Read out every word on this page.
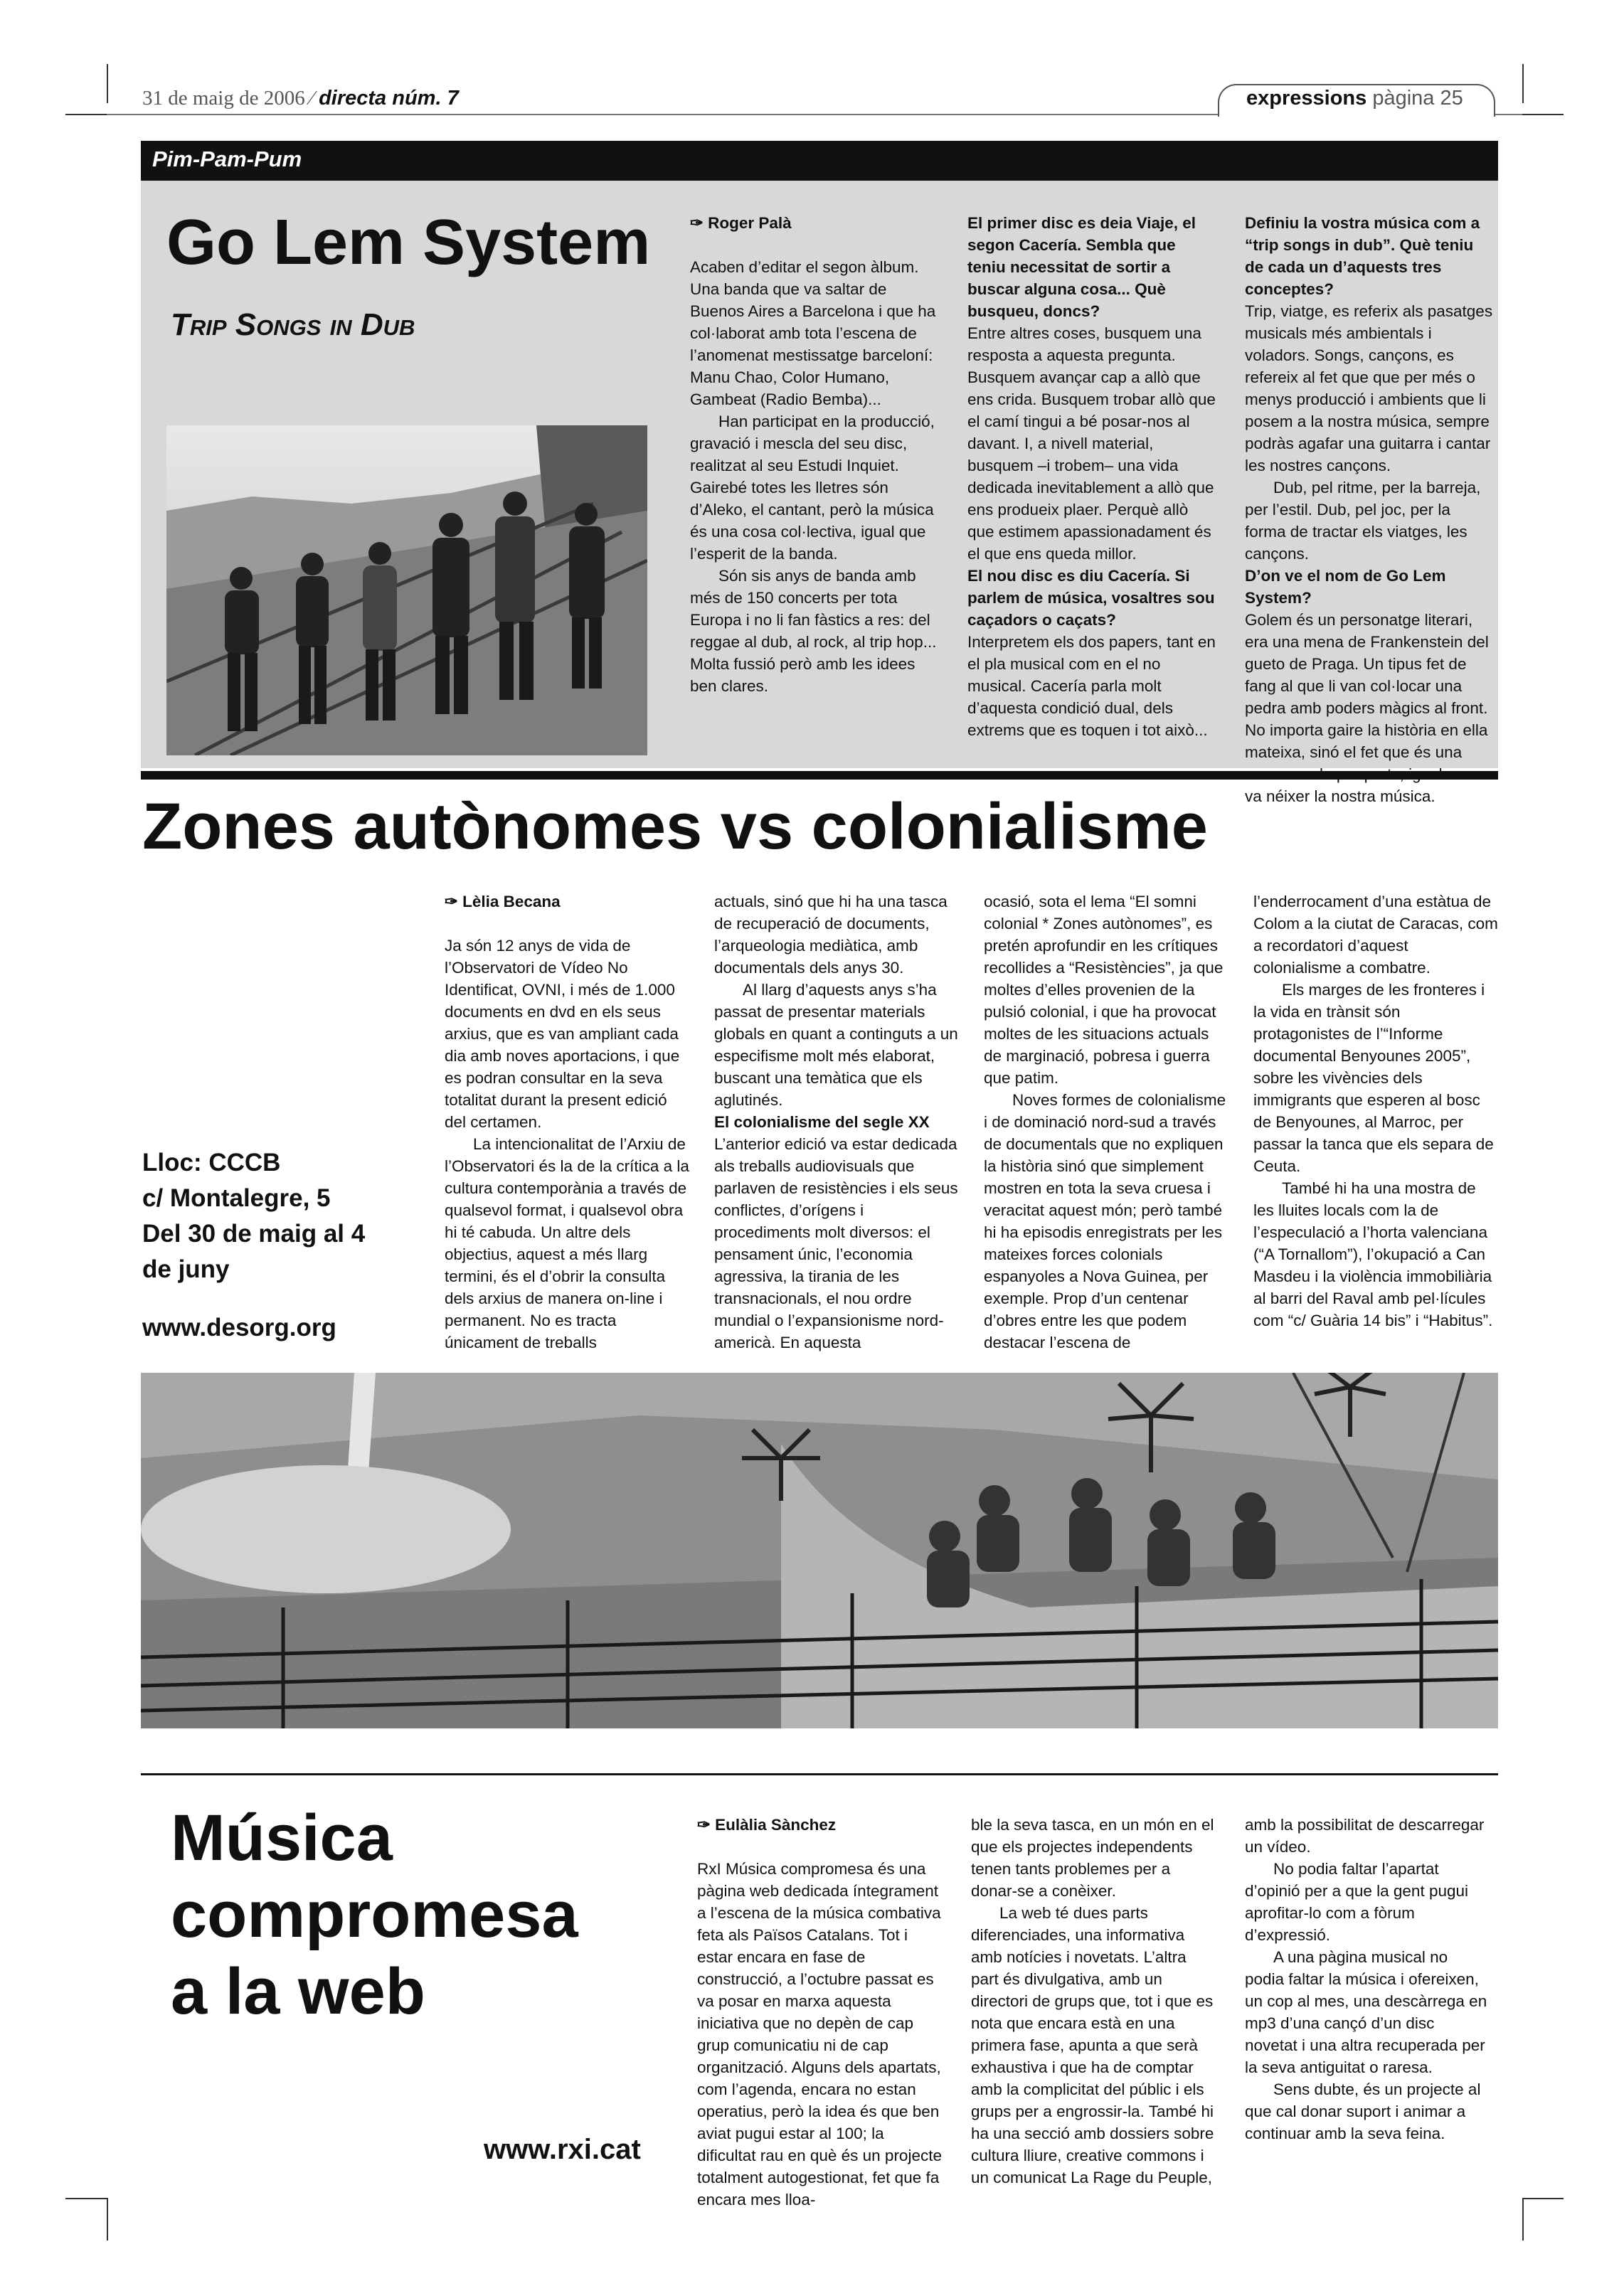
31 de maig de 2006 ⁄ directa núm. 7	expressions pàgina 25
Pim-Pam-Pum
Go Lem System
Trip Songs in Dub

✑ Roger Palà

Acaben d’editar el segon àlbum. Una banda que va saltar de Buenos Aires a Barcelona i que ha col·laborat amb tota l’escena de l’anomenat mestissatge barceloní: Manu Chao, Color Humano, Gambeat (Radio Bemba)...

Han participat en la producció, gravació i mescla del seu disc, realitzat al seu Estudi Inquiet. Gairebé totes les lletres són d’Aleko, el cantant, però la música és una cosa col·lectiva, igual que l’esperit de la banda.

Són sis anys de banda amb més de 150 concerts per tota Europa i no li fan fàstics a res: del reggae al dub, al rock, al trip hop... Molta fussió però amb les idees ben clares.

El primer disc es deia Viaje, el segon Cacería. Sembla que teniu necessitat de sortir a buscar alguna cosa... Què busqueu, doncs?

Entre altres coses, busquem una resposta a aquesta pregunta. Busquem avançar cap a allò que ens crida. Busquem trobar allò que el camí tingui a bé posar-nos al davant. I, a nivell material, busquem –i trobem– una vida dedicada inevitablement a allò que ens produeix plaer. Perquè allò que estimem apassionadament és el que ens queda millor.

El nou disc es diu Cacería. Si parlem de música, vosaltres sou caçadors o caçats?

Interpretem els dos papers, tant en el pla musical com en el no musical. Cacería parla molt d’aquesta condició dual, dels extrems que es toquen i tot això...

Definiu la vostra música com a “trip songs in dub”. Què teniu de cada un d’aquests tres conceptes?

Trip, viatge, es referix als pasatges musicals més ambientals i voladors. Songs, cançons, es refereix al fet que que per més o menys producció i ambients que li posem a la nostra música, sempre podràs agafar una guitarra i cantar les nostres cançons.

Dub, pel ritme, per la barreja, per l’estil. Dub, pel joc, per la forma de tractar els viatges, les cançons.

D’on ve el nom de Go Lem System?

Golem és un personatge literari, era una mena de Frankenstein del gueto de Praga. Un tipus fet de fang al que li van col·locar una pedra amb poders màgics al front. No importa gaire la història en ella mateixa, sinó el fet que és una va néixer la nostra música.

Zones autònomes vs colonialisme
Lloc: CCCB
c/ Montalegre, 5
Del 30 de maig al 4
de juny
www.desorg.org

✑ Lèlia Becana

Ja són 12 anys de vida de l’Observatori de Vídeo No Identificat, OVNI, i més de 1.000 documents en dvd en els seus arxius, que es van ampliant cada dia amb noves aportacions, i que es podran consultar en la seva totalitat durant la present edició del certamen.

La intencionalitat de l’Arxiu de l’Observatori és la de la crítica a la cultura contemporània a través de qualsevol format, i qualsevol obra hi té cabuda. Un altre dels objectius, aquest a més llarg termini, és el d’obrir la consulta dels arxius de manera on-line i permanent. No es tracta únicament de treballs

actuals, sinó que hi ha una tasca de recuperació de documents, l’arqueologia mediàtica, amb documentals dels anys 30.

Al llarg d’aquests anys s’ha passat de presentar materials globals en quant a continguts a un especifisme molt més elaborat, buscant una temàtica que els aglutinés.

El colonialisme del segle XX

L’anterior edició va estar dedicada als treballs audiovisuals que parlaven de resistències i els seus conflictes, d’orígens i procediments molt diversos: el pensament únic, l’economia agressiva, la tirania de les transnacionals, el nou ordre mundial o l’expansionisme nord-americà. En aquesta

ocasió, sota el lema “El somni colonial * Zones autònomes”, es pretén aprofundir en les crítiques recollides a “Resistències”, ja que moltes d’elles provenien de la pulsió colonial, i que ha provocat moltes de les situacions actuals de marginació, pobresa i guerra que patim.

Noves formes de colonialisme i de dominació nord-sud a través de documentals que no expliquen la història sinó que simplement mostren en tota la seva cruesa i veracitat aquest món; però també hi ha episodis enregistrats per les mateixes forces colonials espanyoles a Nova Guinea, per exemple. Prop d’un centenar d’obres entre les que podem destacar l’escena de

l’enderrocament d’una estàtua de Colom a la ciutat de Caracas, com a recordatori d’aquest colonialisme a combatre.

Els marges de les fronteres i la vida en trànsit són protagonistes de l’“Informe documental Benyounes 2005”, sobre les vivències dels immigrants que esperen al bosc de Benyounes, al Marroc, per passar la tanca que els separa de Ceuta.

També hi ha una mostra de les lluites locals com la de l’especulació a l’horta valenciana (“A Tornallom”), l’okupació a Can Masdeu i la violència immobiliària al barri del Raval amb pel·lícules com “c/ Guària 14 bis” i “Habitus”.

Música
compromesa
a la web
www.rxi.cat

✑ Eulàlia Sànchez

RxI Música compromesa és una pàgina web dedicada íntegrament a l’escena de la música combativa feta als Països Catalans. Tot i estar encara en fase de construcció, a l’octubre passat es va posar en marxa aquesta iniciativa que no depèn de cap grup comunicatiu ni de cap organització. Alguns dels apartats, com l’agenda, encara no estan operatius, però la idea és que ben aviat pugui estar al 100; la dificultat rau en què és un projecte totalment autogestionat, fet que fa encara mes lloa-

ble la seva tasca, en un món en el que els projectes independents tenen tants problemes per a donar-se a conèixer.

La web té dues parts diferenciades, una informativa amb notícies i novetats. L’altra part és divulgativa, amb un directori de grups que, tot i que es nota que encara està en una primera fase, apunta a que serà exhaustiva i que ha de comptar amb la complicitat del públic i els grups per a engrossir-la. També hi ha una secció amb dossiers sobre cultura lliure, creative commons i un comunicat La Rage du Peuple,

amb la possibilitat de descarregar un vídeo.

No podia faltar l’apartat d’opinió per a que la gent pugui aprofitar-lo com a fòrum d’expressió.

A una pàgina musical no podia faltar la música i ofereixen, un cop al mes, una descàrrega en mp3 d’una cançó d’un disc novetat i una altra recuperada per la seva antiguitat o raresa.

Sens dubte, és un projecte al que cal donar suport i animar a continuar amb la seva feina.
